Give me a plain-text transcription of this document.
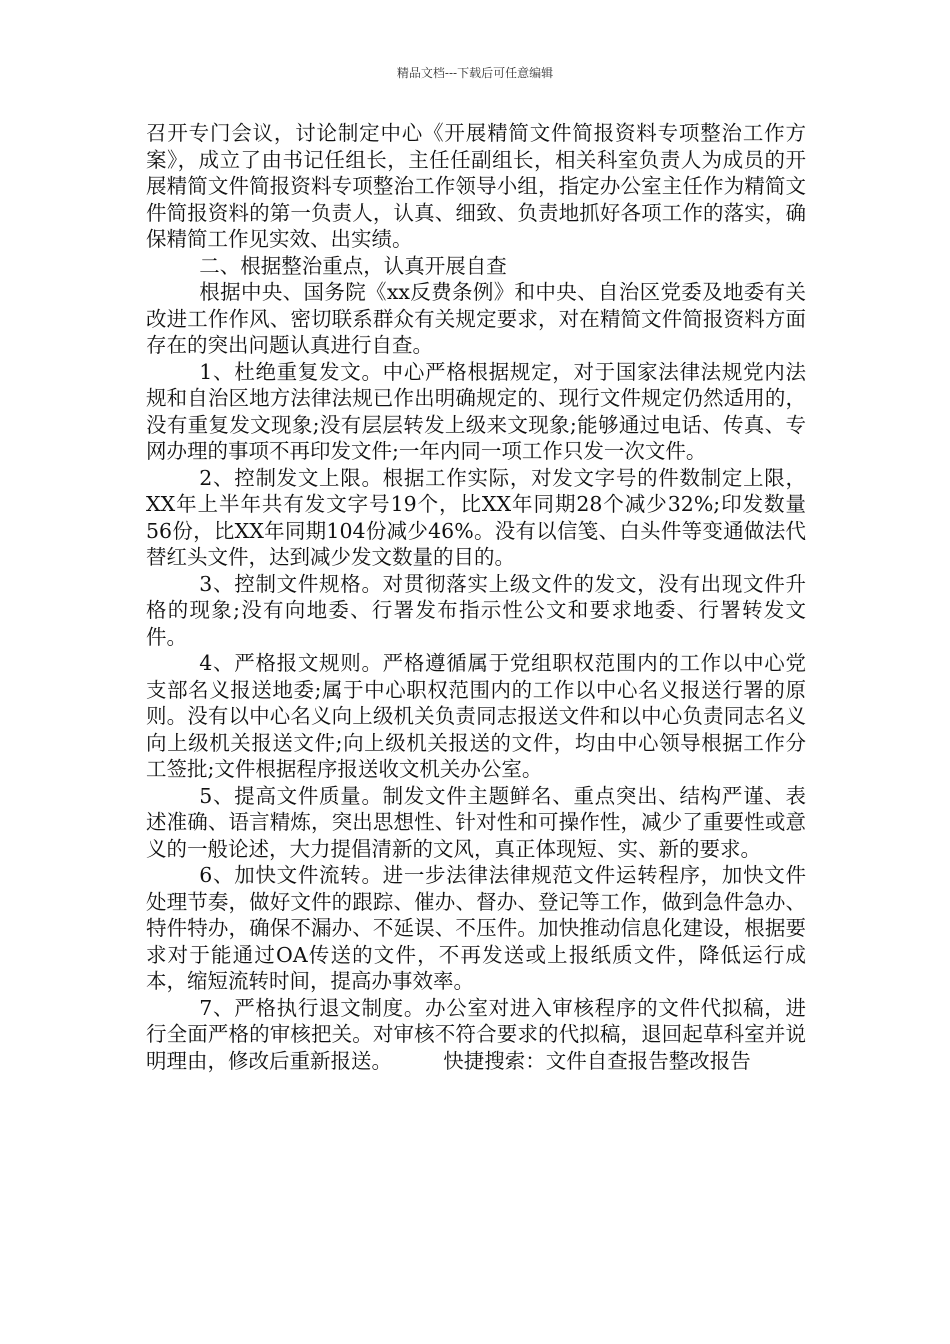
精品文档---下载后可任意编辑

召开专门会议，讨论制定中心《开展精简文件简报资料专项整治工作方案》，成立了由书记任组长，主任任副组长，相关科室负责人为成员的开展精简文件简报资料专项整治工作领导小组，指定办公室主任作为精简文件简报资料的第一负责人，认真、细致、负责地抓好各项工作的落实，确保精简工作见实效、出实绩。

二、根据整治重点，认真开展自查

根据中央、国务院《xx反费条例》和中央、自治区党委及地委有关改进工作作风、密切联系群众有关规定要求，对在精简文件简报资料方面存在的突出问题认真进行自查。

1、杜绝重复发文。中心严格根据规定，对于国家法律法规党内法规和自治区地方法律法规已作出明确规定的、现行文件规定仍然适用的，没有重复发文现象;没有层层转发上级来文现象;能够通过电话、传真、专网办理的事项不再印发文件;一年内同一项工作只发一次文件。

2、控制发文上限。根据工作实际，对发文字号的件数制定上限，XX年上半年共有发文字号19个，比XX年同期28个减少32%;印发数量56份，比XX年同期104份减少46%。没有以信笺、白头件等变通做法代替红头文件，达到减少发文数量的目的。

3、控制文件规格。对贯彻落实上级文件的发文，没有出现文件升格的现象;没有向地委、行署发布指示性公文和要求地委、行署转发文件。

4、严格报文规则。严格遵循属于党组职权范围内的工作以中心党支部名义报送地委;属于中心职权范围内的工作以中心名义报送行署的原则。没有以中心名义向上级机关负责同志报送文件和以中心负责同志名义向上级机关报送文件;向上级机关报送的文件，均由中心领导根据工作分工签批;文件根据程序报送收文机关办公室。

5、提高文件质量。制发文件主题鲜名、重点突出、结构严谨、表述准确、语言精炼，突出思想性、针对性和可操作性，减少了重要性或意义的一般论述，大力提倡清新的文风，真正体现短、实、新的要求。

6、加快文件流转。进一步法律法律规范文件运转程序，加快文件处理节奏，做好文件的跟踪、催办、督办、登记等工作，做到急件急办、特件特办，确保不漏办、不延误、不压件。加快推动信息化建设，根据要求对于能通过OA传送的文件，不再发送或上报纸质文件，降低运行成本，缩短流转时间，提高办事效率。

7、严格执行退文制度。办公室对进入审核程序的文件代拟稿，进行全面严格的审核把关。对审核不符合要求的代拟稿，退回起草科室并说明理由，修改后重新报送。　　　快捷搜索：文件自查报告整改报告
